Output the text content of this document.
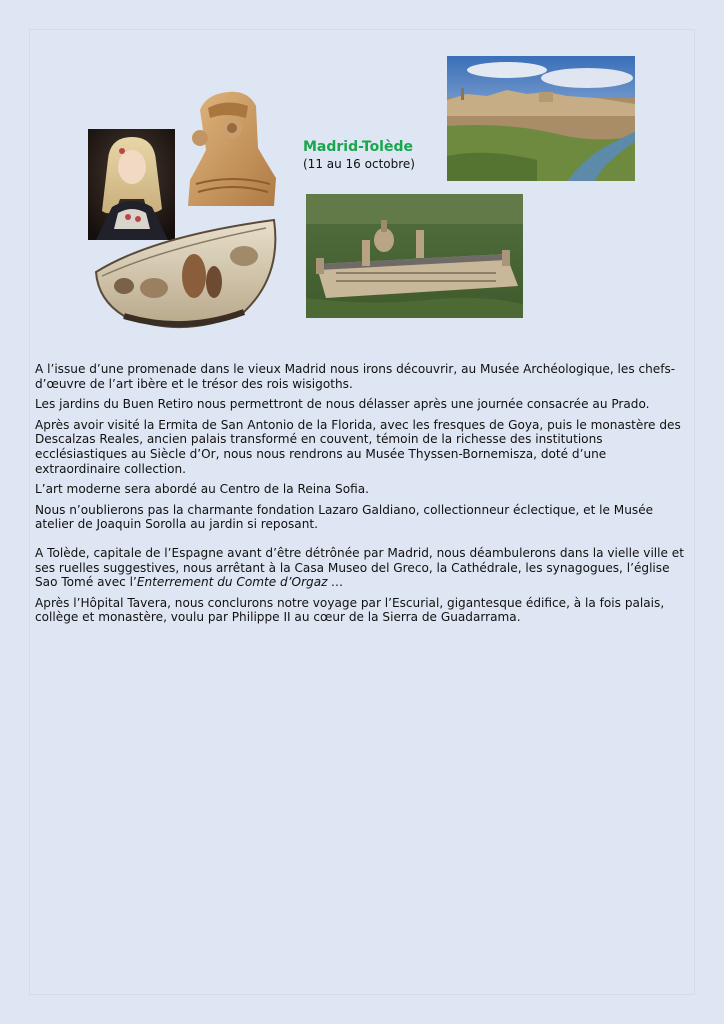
Madrid-Tolède

(11 au 16 octobre)

A l’issue d’une promenade dans le vieux Madrid nous irons découvrir, au Musée Archéologique, les chefs-d’œuvre de l’art ibère et le trésor des rois wisigoths.

Les jardins du Buen Retiro nous permettront de nous délasser après une journée consacrée au Prado.

Après avoir visité la Ermita de San Antonio de la Florida, avec les fresques de Goya, puis le monastère des Descalzas Reales, ancien palais transformé en couvent, témoin de la richesse des institutions ecclésiastiques au Siècle d’Or, nous nous rendrons au Musée Thyssen-Bornemisza, doté d’une extraordinaire collection.

L’art moderne sera abordé au Centro de la Reina Sofia.

Nous n’oublierons pas la charmante fondation Lazaro Galdiano, collectionneur éclectique, et le Musée atelier de Joaquin Sorolla au jardin si reposant.

A Tolède, capitale de l’Espagne avant d’être détrônée par Madrid, nous déambulerons dans la vielle ville et ses ruelles suggestives, nous arrêtant à la Casa Museo del Greco, la Cathédrale, les synagogues, l’église Sao Tomé avec l’Enterrement du Comte d’Orgaz …

Après l’Hôpital Tavera, nous conclurons notre voyage par l’Escurial, gigantesque édifice, à la fois palais, collège et monastère, voulu par Philippe II au cœur de la Sierra de Guadarrama.
